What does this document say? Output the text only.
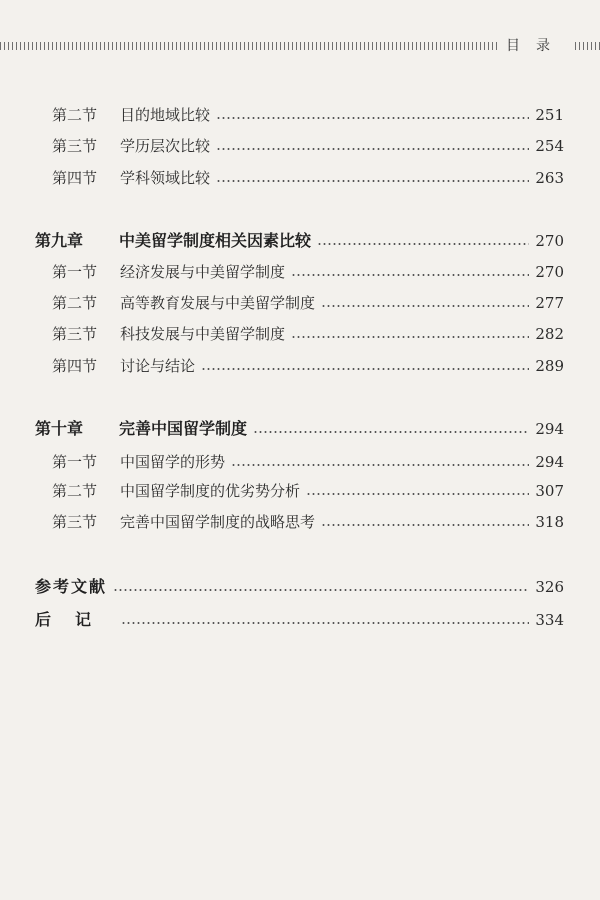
目录
第二节	目的地域比较	251
第三节	学历层次比较	254
第四节	学科领域比较	263
第九章	中美留学制度相关因素比较	270
第一节	经济发展与中美留学制度	270
第二节	高等教育发展与中美留学制度	277
第三节	科技发展与中美留学制度	282
第四节	讨论与结论	289
第十章	完善中国留学制度	294
第一节	中国留学的形势	294
第二节	中国留学制度的优劣势分析	307
第三节	完善中国留学制度的战略思考	318
参考文献	326
后记	334
